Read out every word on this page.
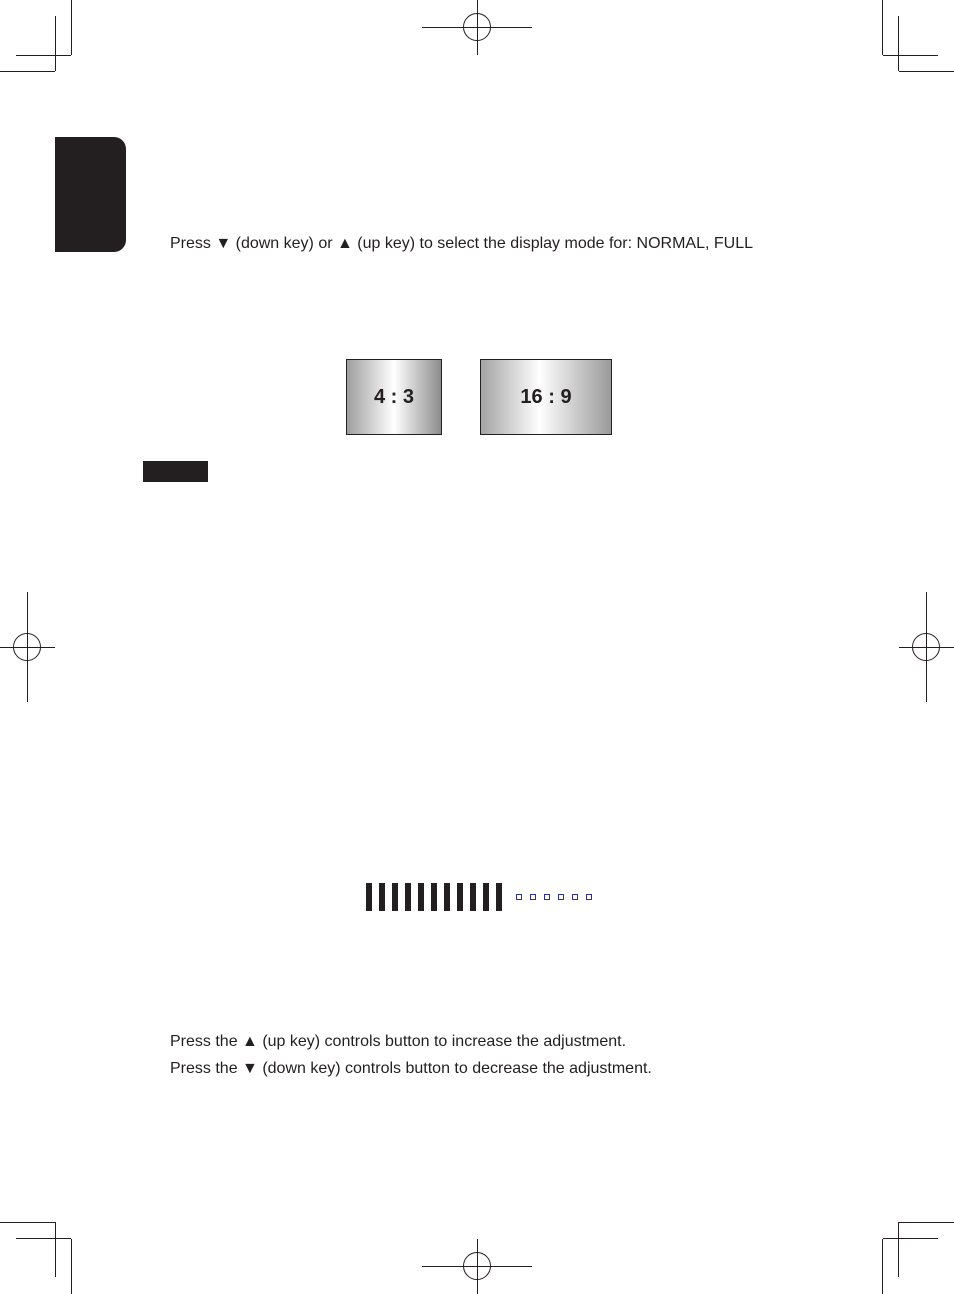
Press ▼ (down key) or ▲ (up key) to select the display mode for: NORMAL, FULL
4 : 3	16 : 9
Press the ▲ (up key) controls button to increase the adjustment.
Press the ▼ (down key) controls button to decrease the adjustment.
